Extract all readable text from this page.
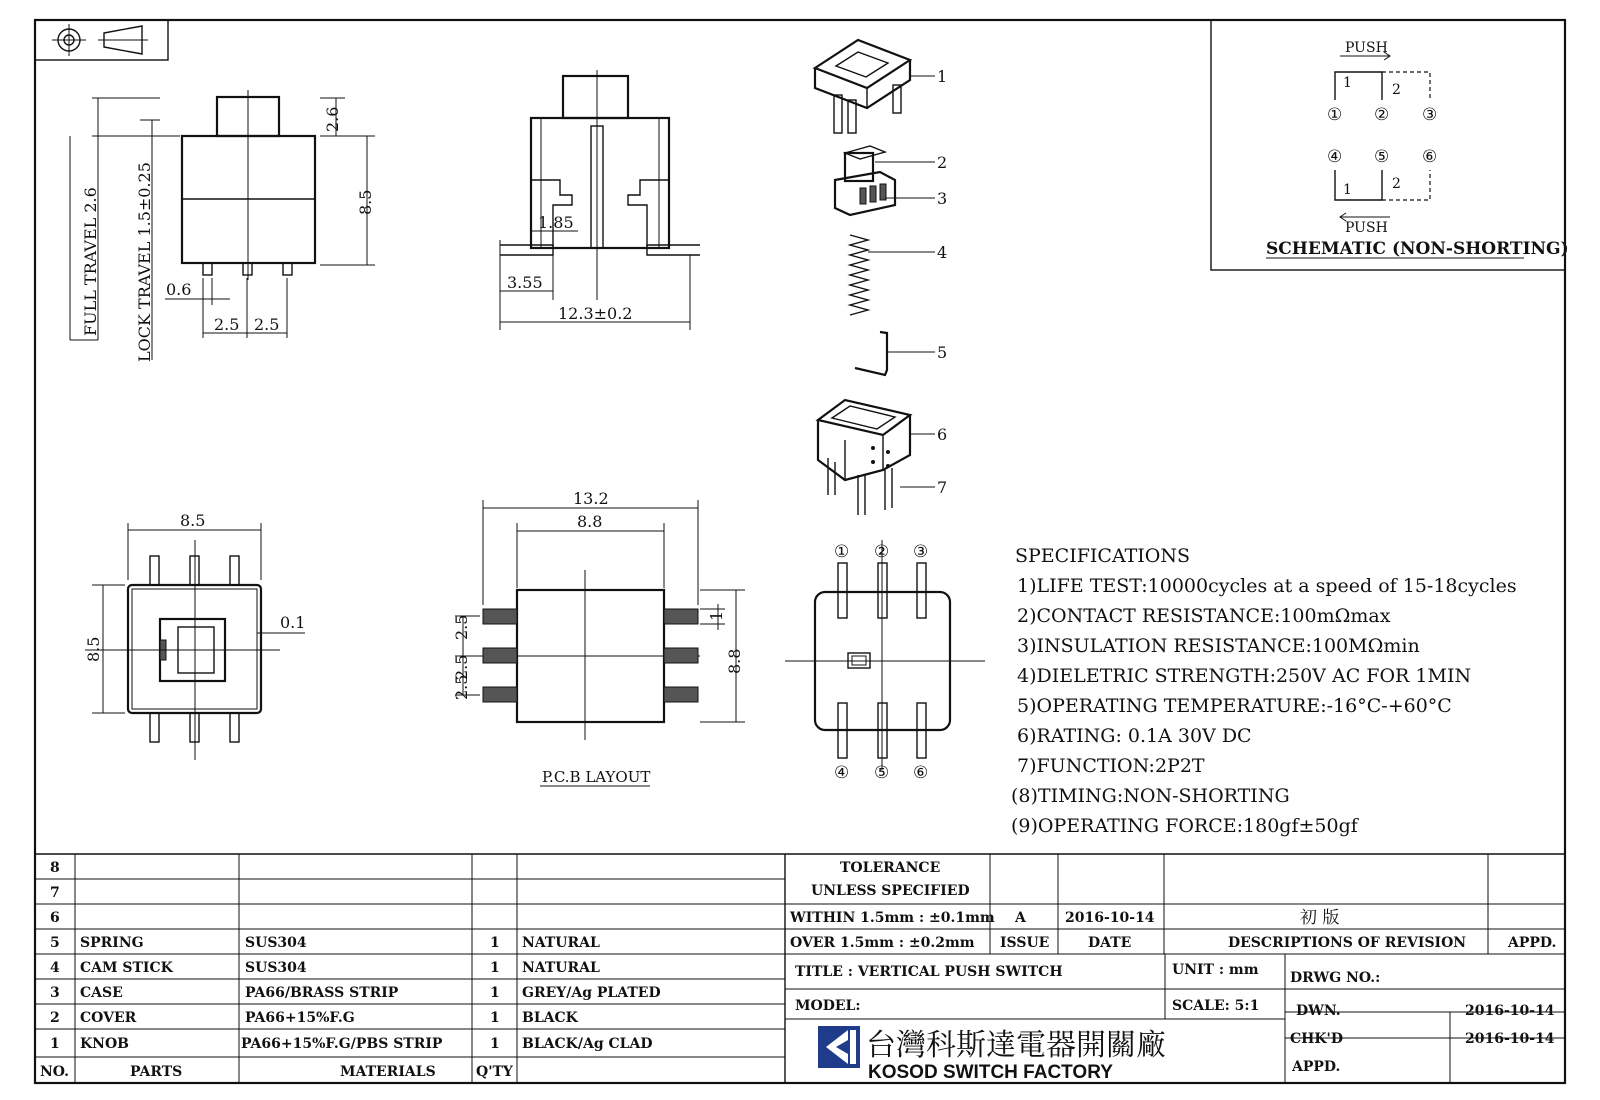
FULL TRAVEL 2.6 LOCK TRAVEL 1.5±0.25
2.6
8.5
0.6
2.5 2.5
1.85
3.55
12.3±0.2
1
2
3
4
5
6
7
PUSH
1	2
① ② ③
④ ⑤ ⑥
1	2
PUSH
SCHEMATIC (NON-SHORTING)
8.5
8.5
0.1
13.2
8.8
8.8
1
2.5
2.5
2.5
P.C.B LAYOUT
① ② ③
④ ⑤ ⑥
SPECIFICATIONS
1)LIFE TEST:10000cycles at a speed of 15-18cycles
2)CONTACT RESISTANCE:100mΩmax
3)INSULATION RESISTANCE:100MΩmin
4)DIELETRIC STRENGTH:250V AC FOR 1MIN
5)OPERATING TEMPERATURE:-16°C-+60°C
6)RATING: 0.1A 30V DC
7)FUNCTION:2P2T
(8)TIMING:NON-SHORTING
(9)OPERATING FORCE:180gf±50gf
8
7
6
5 SPRING	SUS304	1 NATURAL
4 CAM STICK	SUS304	1 NATURAL
3 CASE	PA66/BRASS STRIP	1 GREY/Ag PLATED
2 COVER	PA66+15%F.G	1 BLACK
1 KNOB	PA66+15%F.G/PBS STRIP	1 BLACK/Ag CLAD
NO.	PARTS	MATERIALS	Q'TY
TOLERANCE
UNLESS SPECIFIED
WITHIN 1.5mm : ±0.1mm
OVER 1.5mm : ±0.2mm
A	2016-10-14	初 版
ISSUE	DATE	DESCRIPTIONS OF REVISION	APPD.
TITLE : VERTICAL PUSH SWITCH	UNIT : mm DRWG NO.:
MODEL:	SCALE: 5:1	DWN.	2016-10-14
CHK'D	2016-10-14
APPD.
台灣科斯達電器開關廠
KOSOD SWITCH FACTORY
